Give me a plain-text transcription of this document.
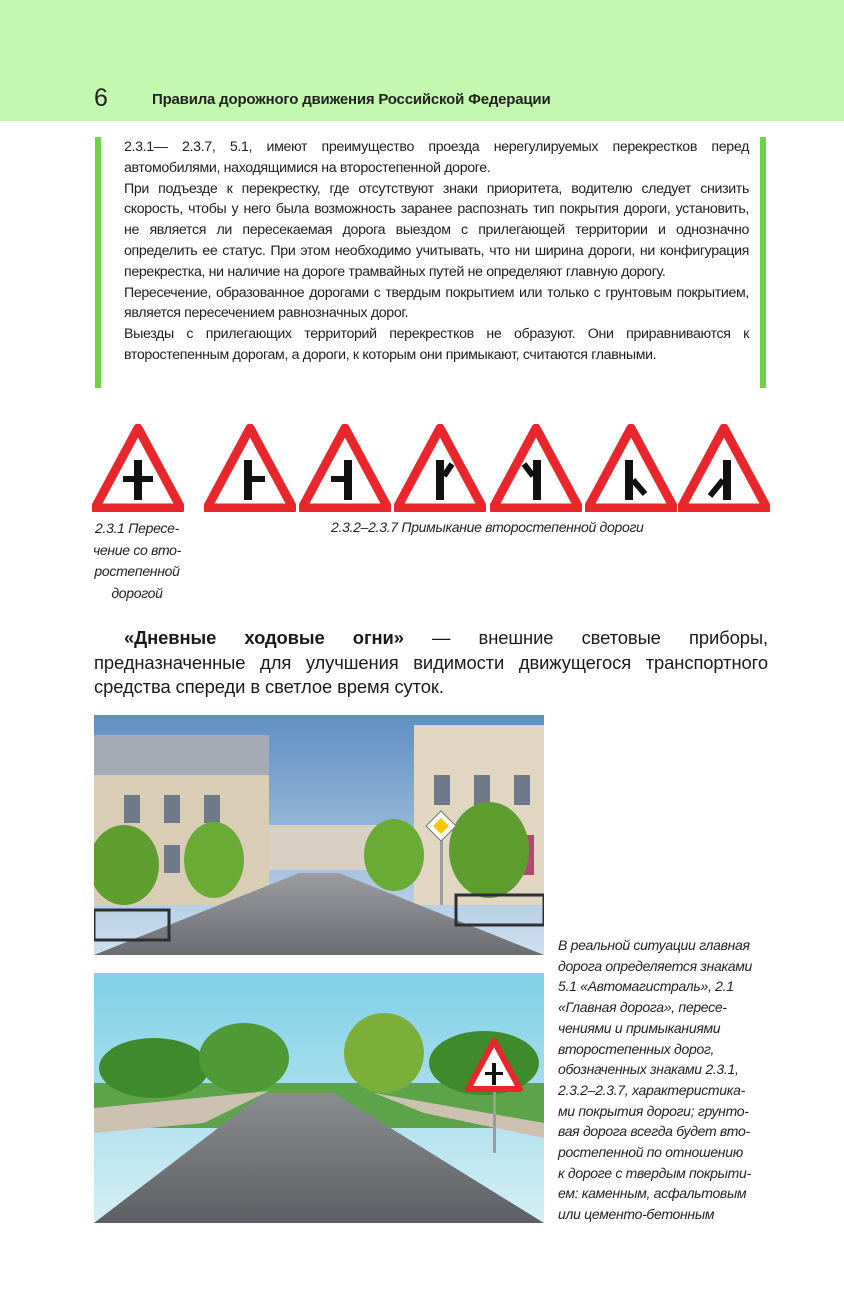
6	Правила дорожного движения Российской Федерации

2.3.1— 2.3.7, 5.1, имеют преимущество проезда нерегулируемых перекрестков перед автомобилями, находящимися на второстепенной дороге.

При подъезде к перекрестку, где отсутствуют знаки приоритета, водителю следует снизить скорость, чтобы у него была возможность заранее распознать тип покрытия дороги, установить, не является ли пересекаемая дорога выездом с прилегающей территории и однозначно определить ее статус. При этом необходимо учитывать, что ни ширина дороги, ни конфигурация перекрестка, ни наличие на дороге трамвайных путей не определяют главную дорогу.

Пересечение, образованное дорогами с твердым покрытием или только с грунтовым покрытием, является пересечением равнозначных дорог.

Выезды с прилегающих территорий перекрестков не образуют. Они приравниваются к второстепенным дорогам, а дороги, к которым они примыкают, считаются главными.

2.3.1 Пересе-
чение со вто-
ростепенной
дорогой
2.3.2–2.3.7 Примыкание второстепенной дороги
«Дневные ходовые огни» — внешние световые приборы, предназначенные для улучшения видимости движущегося транспортного средства спереди в светлое время суток.
В реальной ситуации главная
дорога определяется знаками
5.1 «Автомагистраль», 2.1
«Главная дорога», пересе-
чениями и примыканиями
второстепенных дорог,
обозначенных знаками 2.3.1,
2.3.2–2.3.7, характеристика-
ми покрытия дороги; грунто-
вая дорога всегда будет вто-
ростепенной по отношению
к дороге с твердым покрыти-
ем: каменным, асфальтовым
или цементо-бетонным
